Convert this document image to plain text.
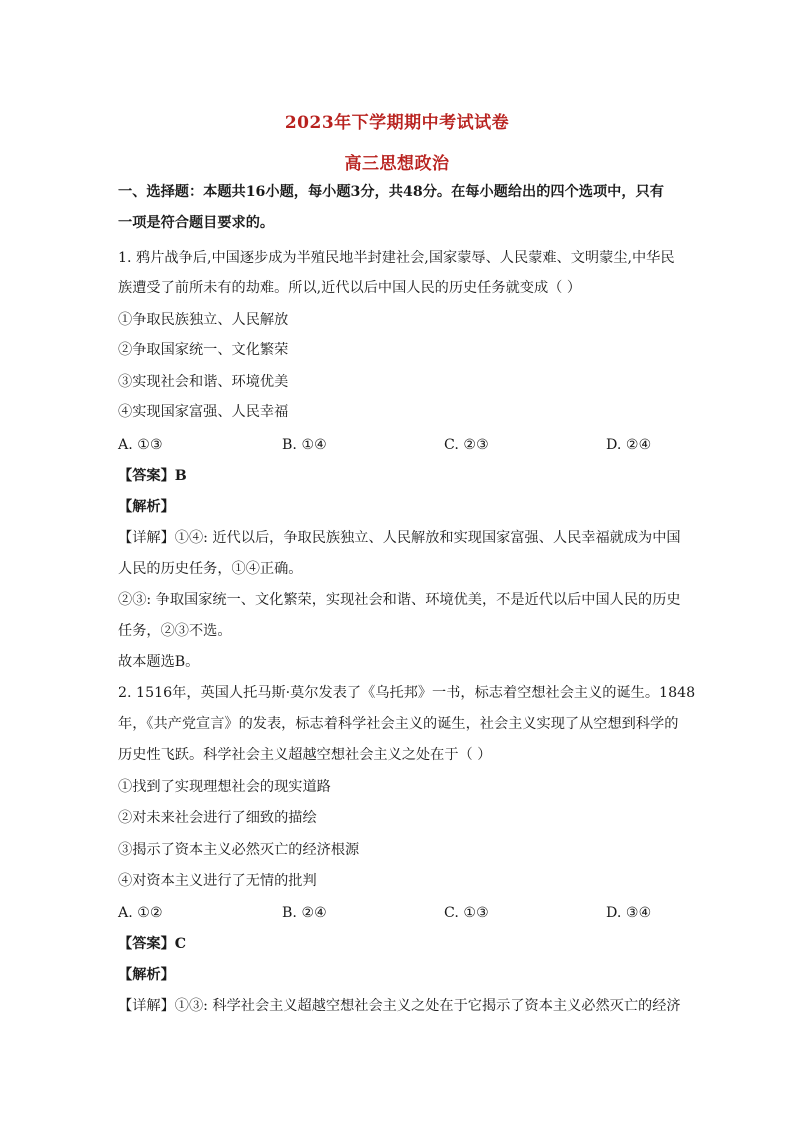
2023年下学期期中考试试卷
高三思想政治
一、选择题：本题共16小题，每小题3分，共48分。在每小题给出的四个选项中，只有
一项是符合题目要求的。
1. 鸦片战争后,中国逐步成为半殖民地半封建社会,国家蒙辱、人民蒙难、文明蒙尘,中华民
族遭受了前所未有的劫难。所以,近代以后中国人民的历史任务就变成（ ）
①争取民族独立、人民解放
②争取国家统一、文化繁荣
③实现社会和谐、环境优美
④实现国家富强、人民幸福
A. ①③	B. ①④	C. ②③	D. ②④
【答案】B
【解析】
【详解】①④: 近代以后，争取民族独立、人民解放和实现国家富强、人民幸福就成为中国
人民的历史任务，①④正确。
②③: 争取国家统一、文化繁荣，实现社会和谐、环境优美，不是近代以后中国人民的历史
任务，②③不选。
故本题选B。
2. 1516年，英国人托马斯·莫尔发表了《乌托邦》一书，标志着空想社会主义的诞生。1848
年，《共产党宣言》的发表，标志着科学社会主义的诞生，社会主义实现了从空想到科学的
历史性飞跃。科学社会主义超越空想社会主义之处在于（ ）
①找到了实现理想社会的现实道路
②对未来社会进行了细致的描绘
③揭示了资本主义必然灭亡的经济根源
④对资本主义进行了无情的批判
A. ①②	B. ②④	C. ①③	D. ③④
【答案】C
【解析】
【详解】①③: 科学社会主义超越空想社会主义之处在于它揭示了资本主义必然灭亡的经济
